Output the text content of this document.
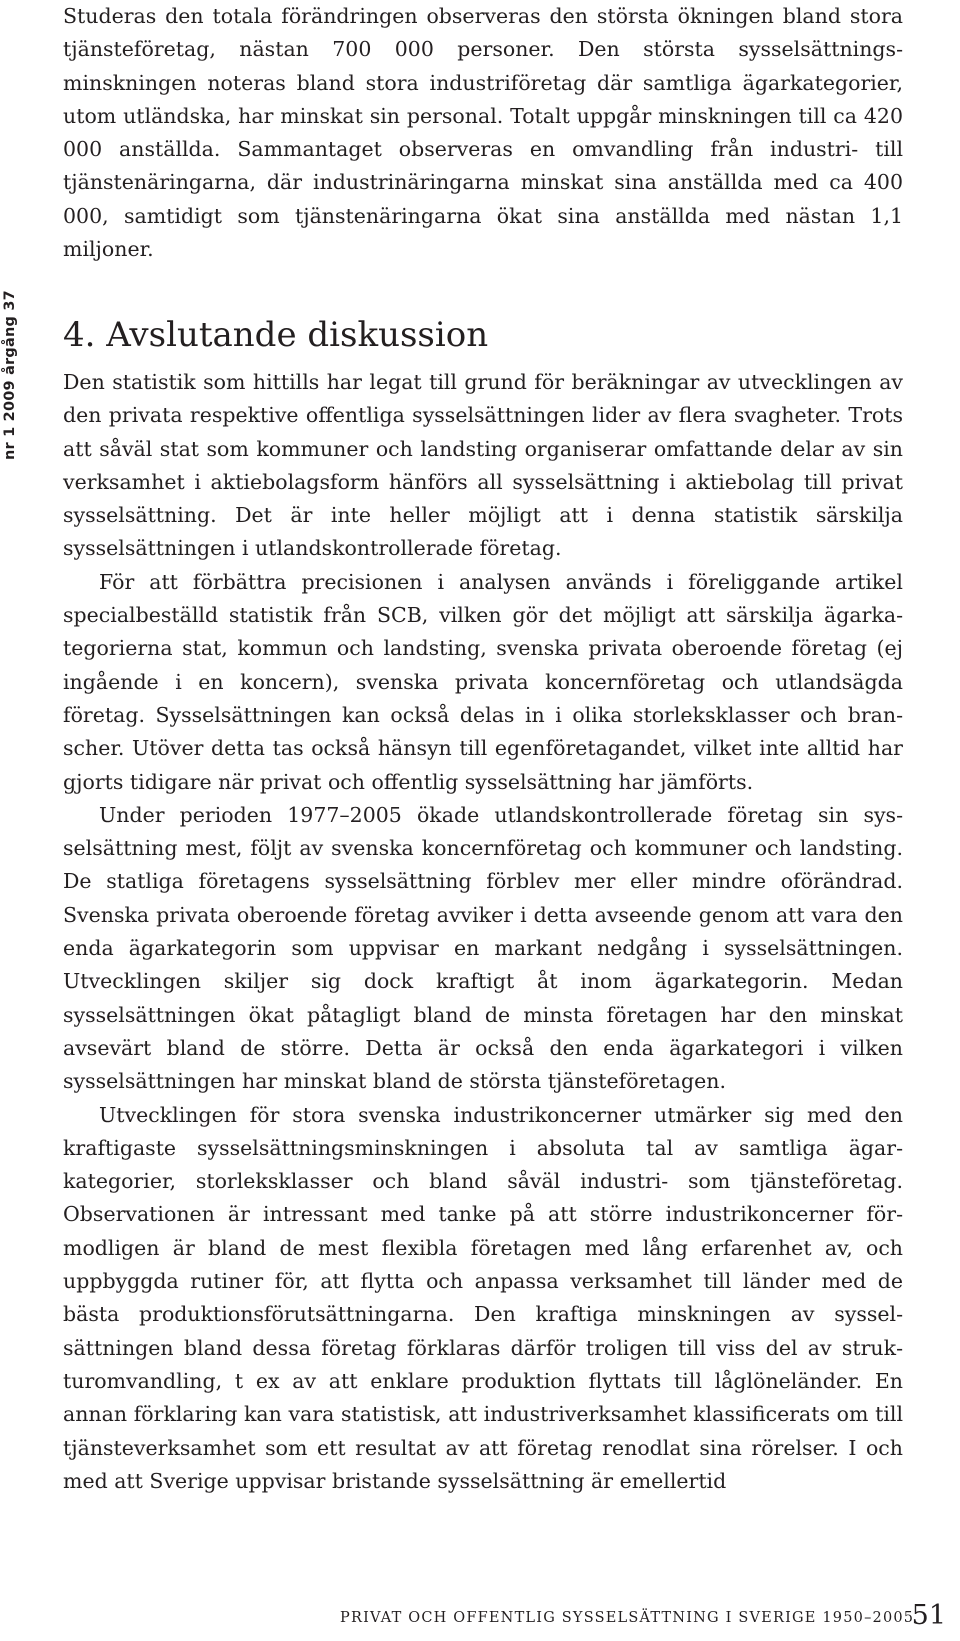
nr 1 2009 årgång 37

Studeras den totala förändringen observeras den största ökningen bland stora tjänsteföretag, nästan 700 000 personer. Den största sysselsättningsminskningen noteras bland stora industriföretag där samtliga ägarkategorier, utom utländska, har minskat sin personal. Totalt uppgår minskningen till ca 420 000 anställda. Sammantaget observeras en omvandling från industri- till tjänstenäringarna, där industrinäringarna minskat sina anställda med ca 400 000, samtidigt som tjänstenäringarna ökat sina anställda med nästan 1,1 miljoner.

4. Avslutande diskussion

Den statistik som hittills har legat till grund för beräkningar av utvecklingen av den privata respektive offentliga sysselsättningen lider av flera svagheter. Trots att såväl stat som kommuner och landsting organiserar omfattande delar av sin verksamhet i aktiebolagsform hänförs all sysselsättning i aktiebolag till privat sysselsättning. Det är inte heller möjligt att i denna statistik särskilja sysselsättningen i utlandskontrollerade företag.

För att förbättra precisionen i analysen används i föreliggande artikel specialbeställd statistik från SCB, vilken gör det möjligt att särskilja ägarkategorierna stat, kommun och landsting, svenska privata oberoende företag (ej ingående i en koncern), svenska privata koncernföretag och utlandsägda företag. Sysselsättningen kan också delas in i olika storleksklasser och branscher. Utöver detta tas också hänsyn till egenföretagandet, vilket inte alltid har gjorts tidigare när privat och offentlig sysselsättning har jämförts.

Under perioden 1977–2005 ökade utlandskontrollerade företag sin sysselsättning mest, följt av svenska koncernföretag och kommuner och landsting. De statliga företagens sysselsättning förblev mer eller mindre oförändrad. Svenska privata oberoende företag avviker i detta avseende genom att vara den enda ägarkategorin som uppvisar en markant nedgång i sysselsättningen. Utvecklingen skiljer sig dock kraftigt åt inom ägarkategorin. Medan sysselsättningen ökat påtagligt bland de minsta företagen har den minskat avsevärt bland de större. Detta är också den enda ägarkategori i vilken sysselsättningen har minskat bland de största tjänsteföretagen.

Utvecklingen för stora svenska industrikoncerner utmärker sig med den kraftigaste sysselsättningsminskningen i absoluta tal av samtliga ägarkategorier, storleksklasser och bland såväl industri- som tjänsteföretag. Observationen är intressant med tanke på att större industrikoncerner förmodligen är bland de mest flexibla företagen med lång erfarenhet av, och uppbyggda rutiner för, att flytta och anpassa verksamhet till länder med de bästa produktionsförutsättningarna. Den kraftiga minskningen av sysselsättningen bland dessa företag förklaras därför troligen till viss del av strukturomvandling, t ex av att enklare produktion flyttats till låglöneländer. En annan förklaring kan vara statistisk, att industriverksamhet klassificerats om till tjänsteverksamhet som ett resultat av att företag renodlat sina rörelser. I och med att Sverige uppvisar bristande sysselsättning är emellertid

PRIVAT OCH OFFENTLIG SYSSELSÄTTNING I SVERIGE 1950–2005
51
